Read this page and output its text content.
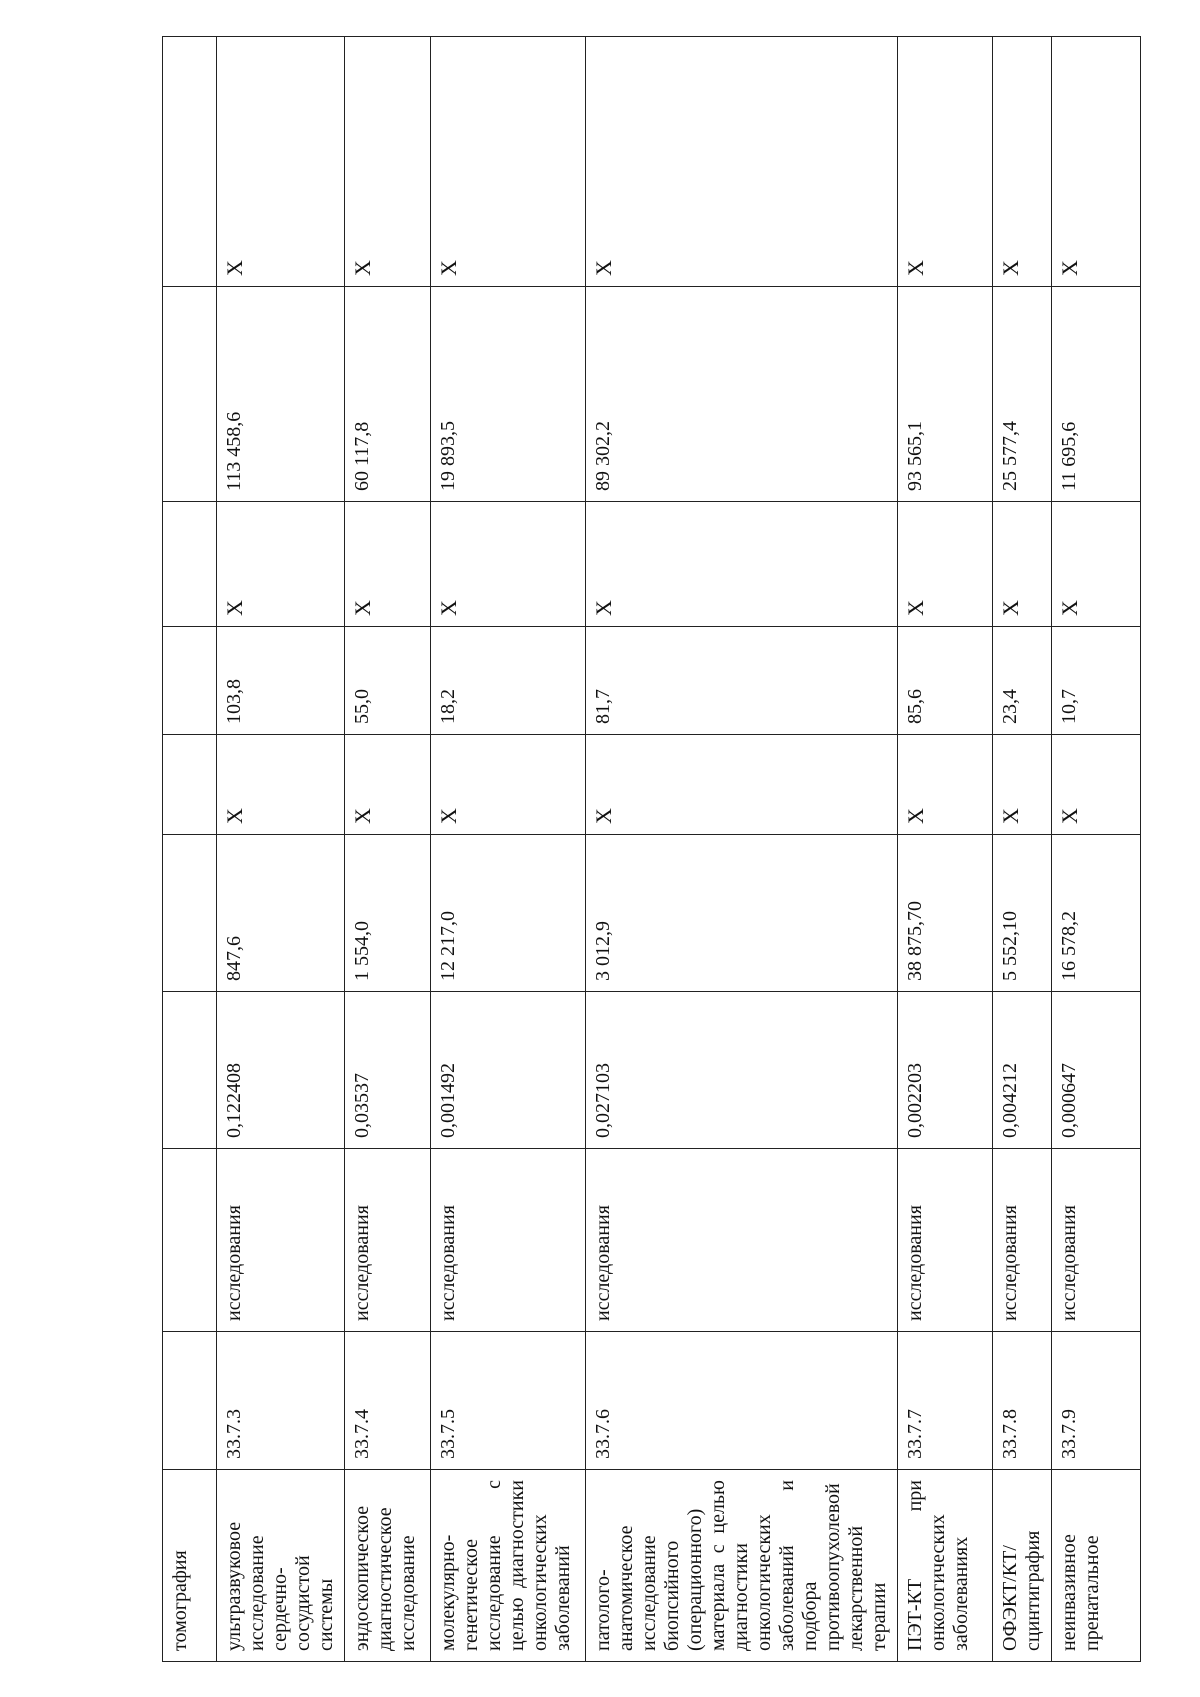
томография									
ультразвуковое исследование сердечно-сосудистой системы	33.7.3	исследования	0,122408	847,6	Х	103,8	Х	113 458,6	Х
эндоскопическое диагностическое исследование	33.7.4	исследования	0,03537	1 554,0	Х	55,0	Х	60 117,8	Х
молекулярно-генетическое исследование с целью диагностики онкологических заболеваний	33.7.5	исследования	0,001492	12 217,0	Х	18,2	Х	19 893,5	Х
патолого-анатомическое исследование биопсийного (операционного) материала с целью диагностики онкологических заболеваний и подбора противоопухолевой лекарственной терапии	33.7.6	исследования	0,027103	3 012,9	Х	81,7	Х	89 302,2	Х
ПЭТ-КТ при онкологических заболеваниях	33.7.7	исследования	0,002203	38 875,70	Х	85,6	Х	93 565,1	Х
ОФЭКТ/КТ/сцинтиграфия	33.7.8	исследования	0,004212	5 552,10	Х	23,4	Х	25 577,4	Х
неинвазивное пренатальное	33.7.9	исследования	0,000647	16 578,2	Х	10,7	Х	11 695,6	Х
